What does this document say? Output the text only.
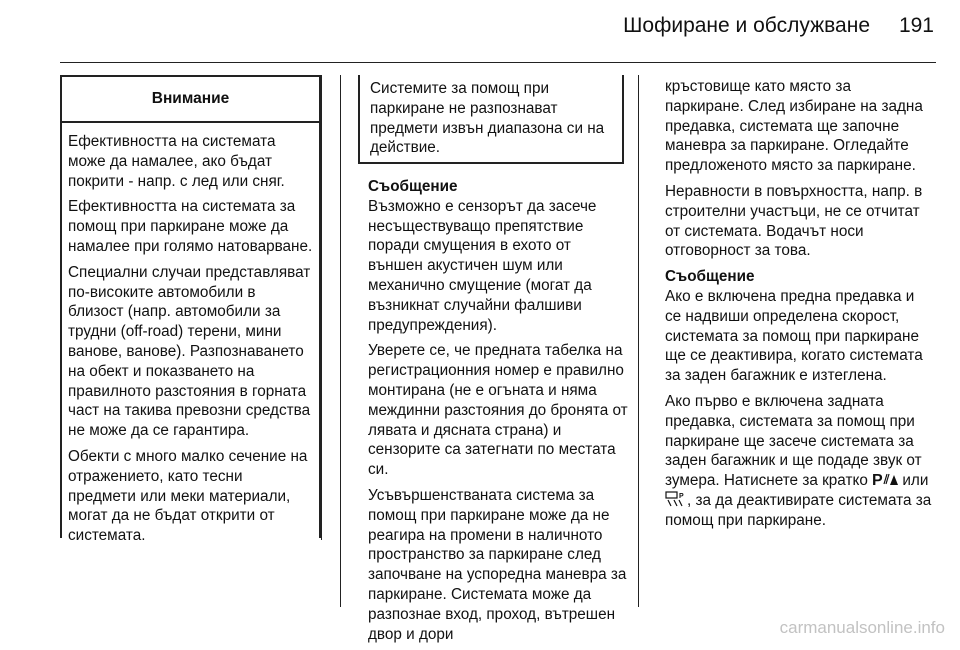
Шофиране и обслужване	191
Внимание

Ефективността на системата може да намалее, ако бъдат покрити - напр. с лед или сняг.

Ефективността на системата за помощ при паркиране може да намалее при голямо натоварване.

Специални случаи представляват по-високите автомобили в близост (напр. автомобили за трудни (off-road) терени, мини ванове, ванове). Разпознаването на обект и показването на правилното разстояния в горната част на такива превозни средства не може да се гарантира.

Обекти с много малко сечение на отражението, като тесни предмети или меки материали, могат да не бъдат открити от системата.

Системите за помощ при паркиране не разпознават предмети извън диапазона си на действие.

Съобщение
Възможно е сензорът да засече несъществуващо препятствие поради смущения в ехото от външен акустичен шум или механично смущение (могат да възникнат случайни фалшиви предупреждения).

Уверете се, че предната табелка на регистрационния номер е правилно монтирана (не е огъната и няма междинни разстояния до бронята от лявата и дясната страна) и сензорите са затегнати по местата си.

Усъвършенстваната система за помощ при паркиране може да не реагира на промени в наличното пространство за паркиране след започване на успоредна маневра за паркиране. Системата може да разпознае вход, проход, вътрешен двор и дори

кръстовище като място за паркиране. След избиране на задна предавка, системата ще започне маневра за паркиране. Огледайте предложеното място за паркиране.

Неравности в повърхността, напр. в строителни участъци, не се отчитат от системата. Водачът носи отговорност за това.

Съобщение
Ако е включена предна предавка и се надвиши определена скорост, системата за помощ при паркиране ще се деактивира, когато системата за заден багажник е изтеглена.

Ако първо е включена задната предавка, системата за помощ при паркиране ще засече системата за заден багажник и ще подаде звук от зумера. Натиснете за кратко P или
P , за да деактивирате системата за помощ при паркиране.

carmanualsonline.info
